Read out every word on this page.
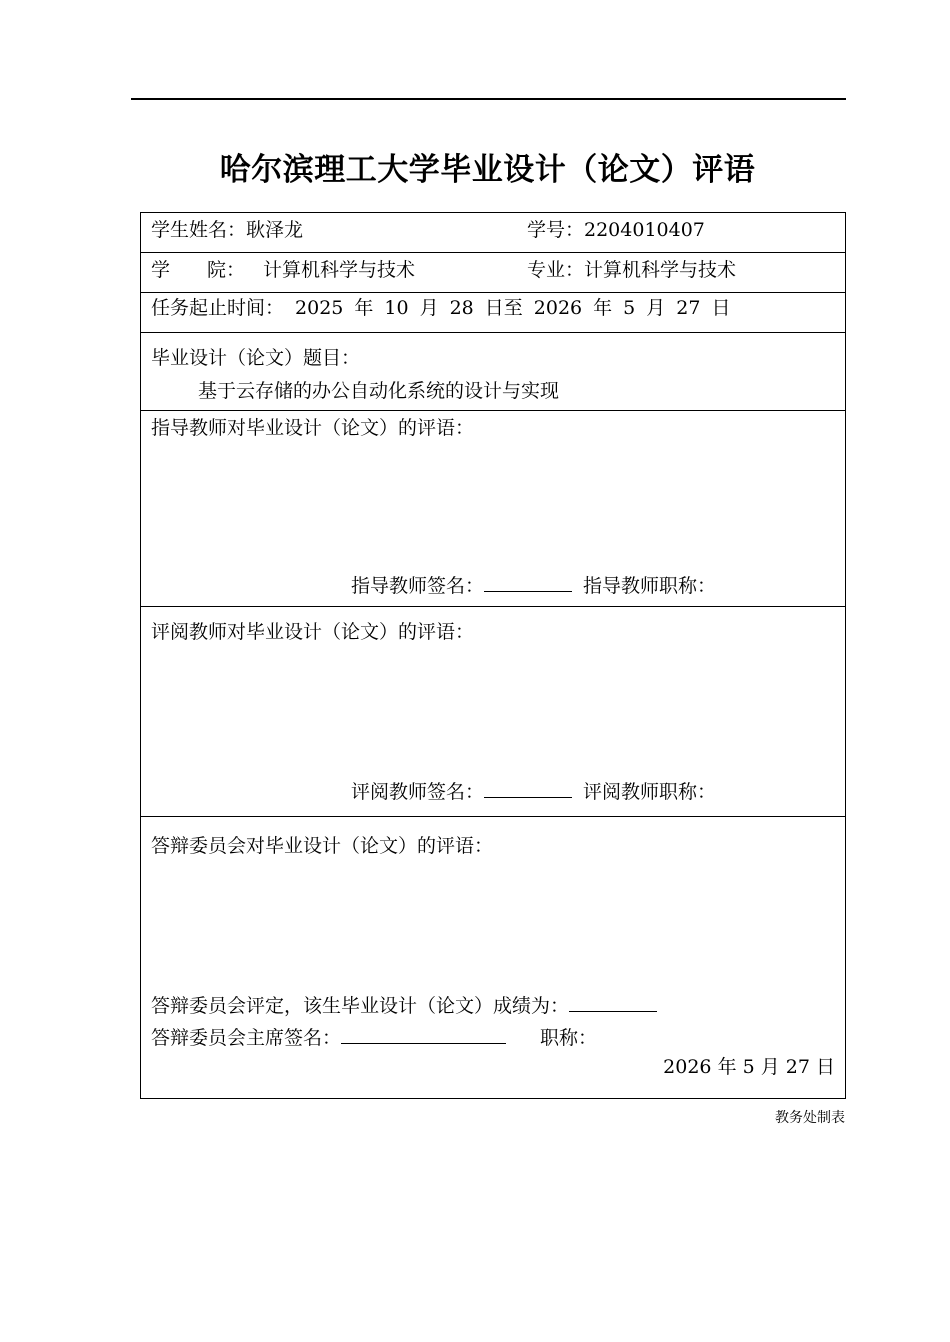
哈尔滨理工大学毕业设计（论文）评语
学生姓名： 耿泽龙	学号： 2204010407
学 院： 计算机科学与技术	专业： 计算机科学与技术
任务起止时间： 2025 年 10 月 28 日至 2026 年 5 月 27 日
毕业设计（论文）题目：
基于云存储的办公自动化系统的设计与实现
指导教师对毕业设计（论文）的评语：
指导教师签名：	指导教师职称：
评阅教师对毕业设计（论文）的评语：
评阅教师签名：	评阅教师职称：
答辩委员会对毕业设计（论文）的评语：
答辩委员会评定，该生毕业设计（论文）成绩为：
答辩委员会主席签名：	职称：
2026 年 5 月 27 日
教务处制表
